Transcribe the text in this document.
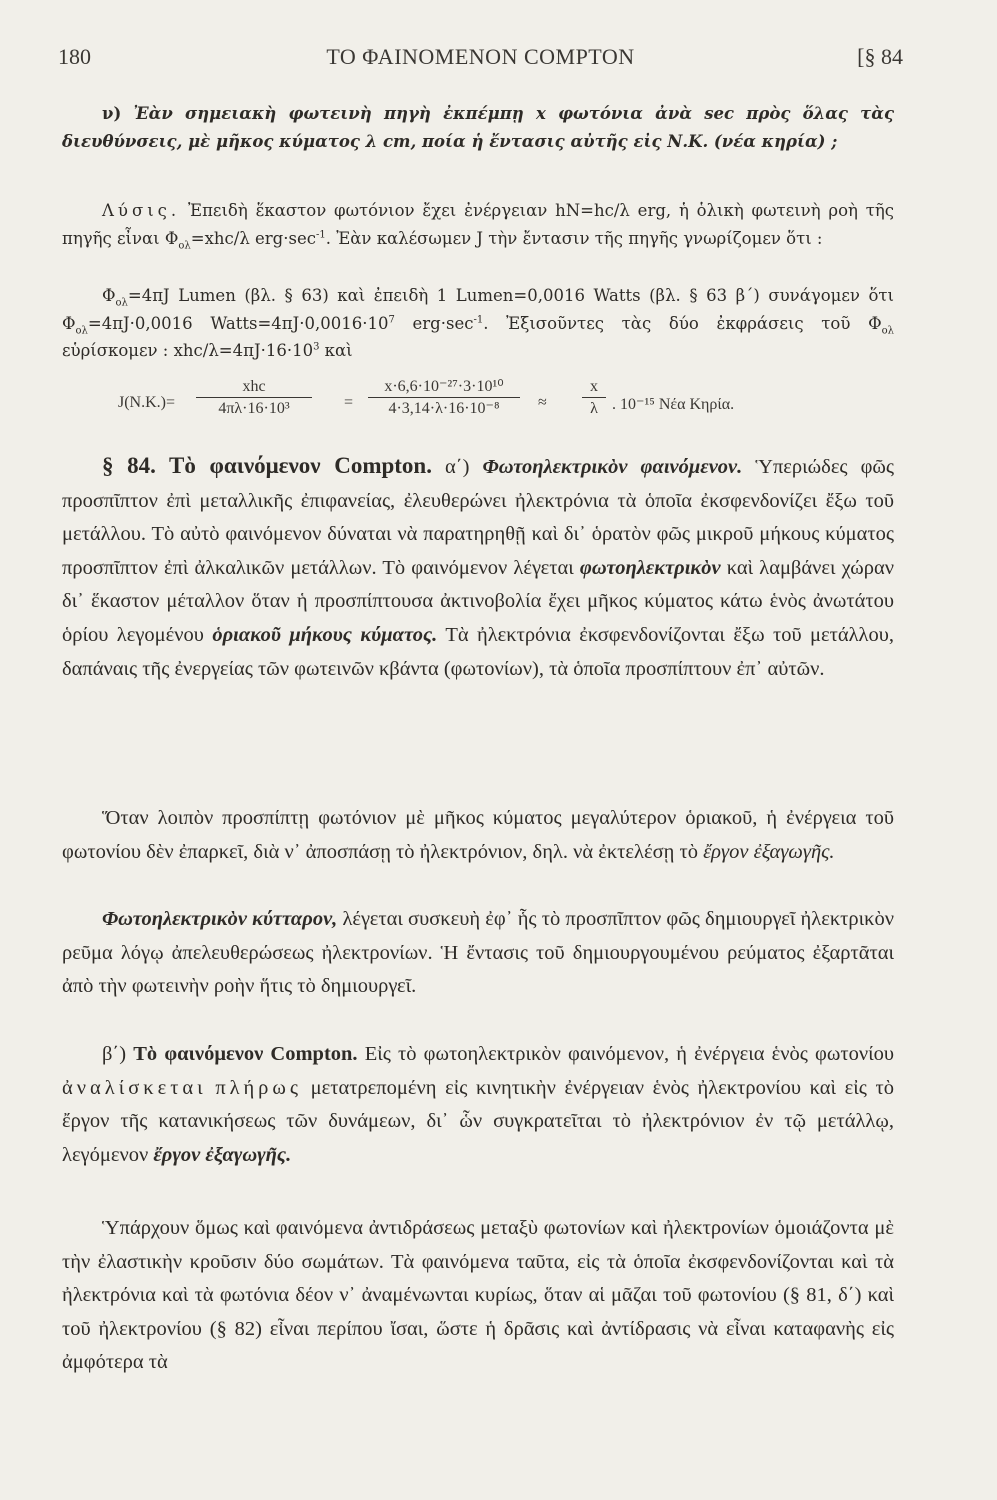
180	ΤΟ ΦΑΙΝΟΜΕΝΟΝ COMPTON	[§ 84
ν) Ἐὰν σημειακὴ φωτεινὴ πηγὴ ἐκπέμπῃ x φωτόνια ἀνὰ sec πρὸς ὅλας τὰς διευθύνσεις, μὲ μῆκος κύματος λ cm, ποία ἡ ἔντασις αὐτῆς εἰς Ν.Κ. (νέα κηρία) ;
Λύσις. Ἐπειδὴ ἕκαστον φωτόνιον ἔχει ἐνέργειαν hN=hc/λ erg, ἡ ὁλικὴ φωτεινὴ ροὴ τῆς πηγῆς εἶναι $\Phi_{o\lambda}=xhc/\lambda$ $erg\cdot\sec^{-1}$. Ἐὰν καλέσωμεν J τὴν ἔντασιν τῆς πηγῆς γνωρίζομεν ὅτι :
$\Phi_{o\lambda}=4\pi J$ Lumen (βλ. § 63) καὶ ἐπειδὴ 1 Lumen=0,0016 Watts (βλ. § 63 β΄) συνάγομεν ὅτι $\Phi_{o\lambda}=4\pi J\cdot 0,0016$ $Watts=4\pi J\cdot 0,0016\cdot 10^7$ $erg\cdot\sec^{-1}$. Ἐξισοῦντες τὰς δύο ἐκφράσεις τοῦ $\Phi_{o\lambda}$ εὑρίσκομεν : xhc/$\lambda=4\pi J\cdot 16\cdot 10^3$ καὶ
J(N.K.)=
xhc
4πλ·16·10³	= $\frac{\text{x·6,6·10⁻²⁷·3·10¹⁰}}{\text{4·3,14·λ·16·10⁻⁸}} \approx \frac{x}{\lambda}$ . 10⁻¹⁵ Νέα Κηρία.
§ 84. Τὸ φαινόμενον Compton. α΄) Φωτοηλεκτρικὸν φαινόμενον. Ὑπεριώδες φῶς προσπῖπτον ἐπὶ μεταλλικῆς ἐπιφανείας, ἐλευθερώνει ἠλεκτρόνια τὰ ὁποῖα ἐκσφενδονίζει ἔξω τοῦ μετάλλου. Τὸ αὐτὸ φαινόμενον δύναται νὰ παρατηρηθῇ καὶ δι᾽ ὁρατὸν φῶς μικροῦ μήκους κύματος προσπῖπτον ἐπὶ ἀλκαλικῶν μετάλλων. Τὸ φαινόμενον λέγεται φωτοηλεκτρικὸν καὶ λαμβάνει χώραν δι᾽ ἕκαστον μέταλλον ὅταν ἡ προσπίπτουσα ἀκτινοβολία ἔχει μῆκος κύματος κάτω ἑνὸς ἀνωτάτου ὁρίου λεγομένου ὁριακοῦ μήκους κύματος. Τὰ ἠλεκτρόνια ἐκσφενδονίζονται ἔξω τοῦ μετάλλου, δαπάναις τῆς ἐνεργείας τῶν φωτεινῶν κβάντα (φωτονίων), τὰ ὁποῖα προσπίπτουν ἐπ᾽ αὐτῶν.
Ὅταν λοιπὸν προσπίπτῃ φωτόνιον μὲ μῆκος κύματος μεγαλύτερον ὁριακοῦ, ἡ ἐνέργεια τοῦ φωτονίου δὲν ἐπαρκεῖ, διὰ ν᾽ ἀποσπάσῃ τὸ ἠλεκτρόνιον, δηλ. νὰ ἐκτελέσῃ τὸ ἔργον ἐξαγωγῆς.
Φωτοηλεκτρικὸν κύτταρον, λέγεται συσκευὴ ἐφ᾽ ἧς τὸ προσπῖπτον φῶς δημιουργεῖ ἠλεκτρικὸν ρεῦμα λόγῳ ἀπελευθερώσεως ἠλεκτρονίων. Ἡ ἔντασις τοῦ δημιουργουμένου ρεύματος ἐξαρτᾶται ἀπὸ τὴν φωτεινὴν ροὴν ἥτις τὸ δημιουργεῖ.
β΄) Τὸ φαινόμενον Compton. Εἰς τὸ φωτοηλεκτρικὸν φαινόμενον, ἡ ἐνέργεια ἑνὸς φωτονίου ἀναλίσκεται πλήρως μετατρεπομένη εἰς κινητικὴν ἐνέργειαν ἑνὸς ἠλεκτρονίου καὶ εἰς τὸ ἔργον τῆς κατανικήσεως τῶν δυνάμεων, δι᾽ ὧν συγκρατεῖται τὸ ἠλεκτρόνιον ἐν τῷ μετάλλῳ, λεγόμενον ἔργον ἐξαγωγῆς.
Ὑπάρχουν ὅμως καὶ φαινόμενα ἀντιδράσεως μεταξὺ φωτονίων καὶ ἠλεκτρονίων ὁμοιάζοντα μὲ τὴν ἐλαστικὴν κροῦσιν δύο σωμάτων. Τὰ φαινόμενα ταῦτα, εἰς τὰ ὁποῖα ἐκσφενδονίζονται καὶ τὰ ἠλεκτρόνια καὶ τὰ φωτόνια δέον ν᾽ ἀναμένωνται κυρίως, ὅταν αἱ μᾶζαι τοῦ φωτονίου (§ 81, δ΄) καὶ τοῦ ἠλεκτρονίου (§ 82) εἶναι περίπου ἴσαι, ὥστε ἡ δρᾶσις καὶ ἀντίδρασις νὰ εἶναι καταφανὴς εἰς ἀμφότερα τὰ
